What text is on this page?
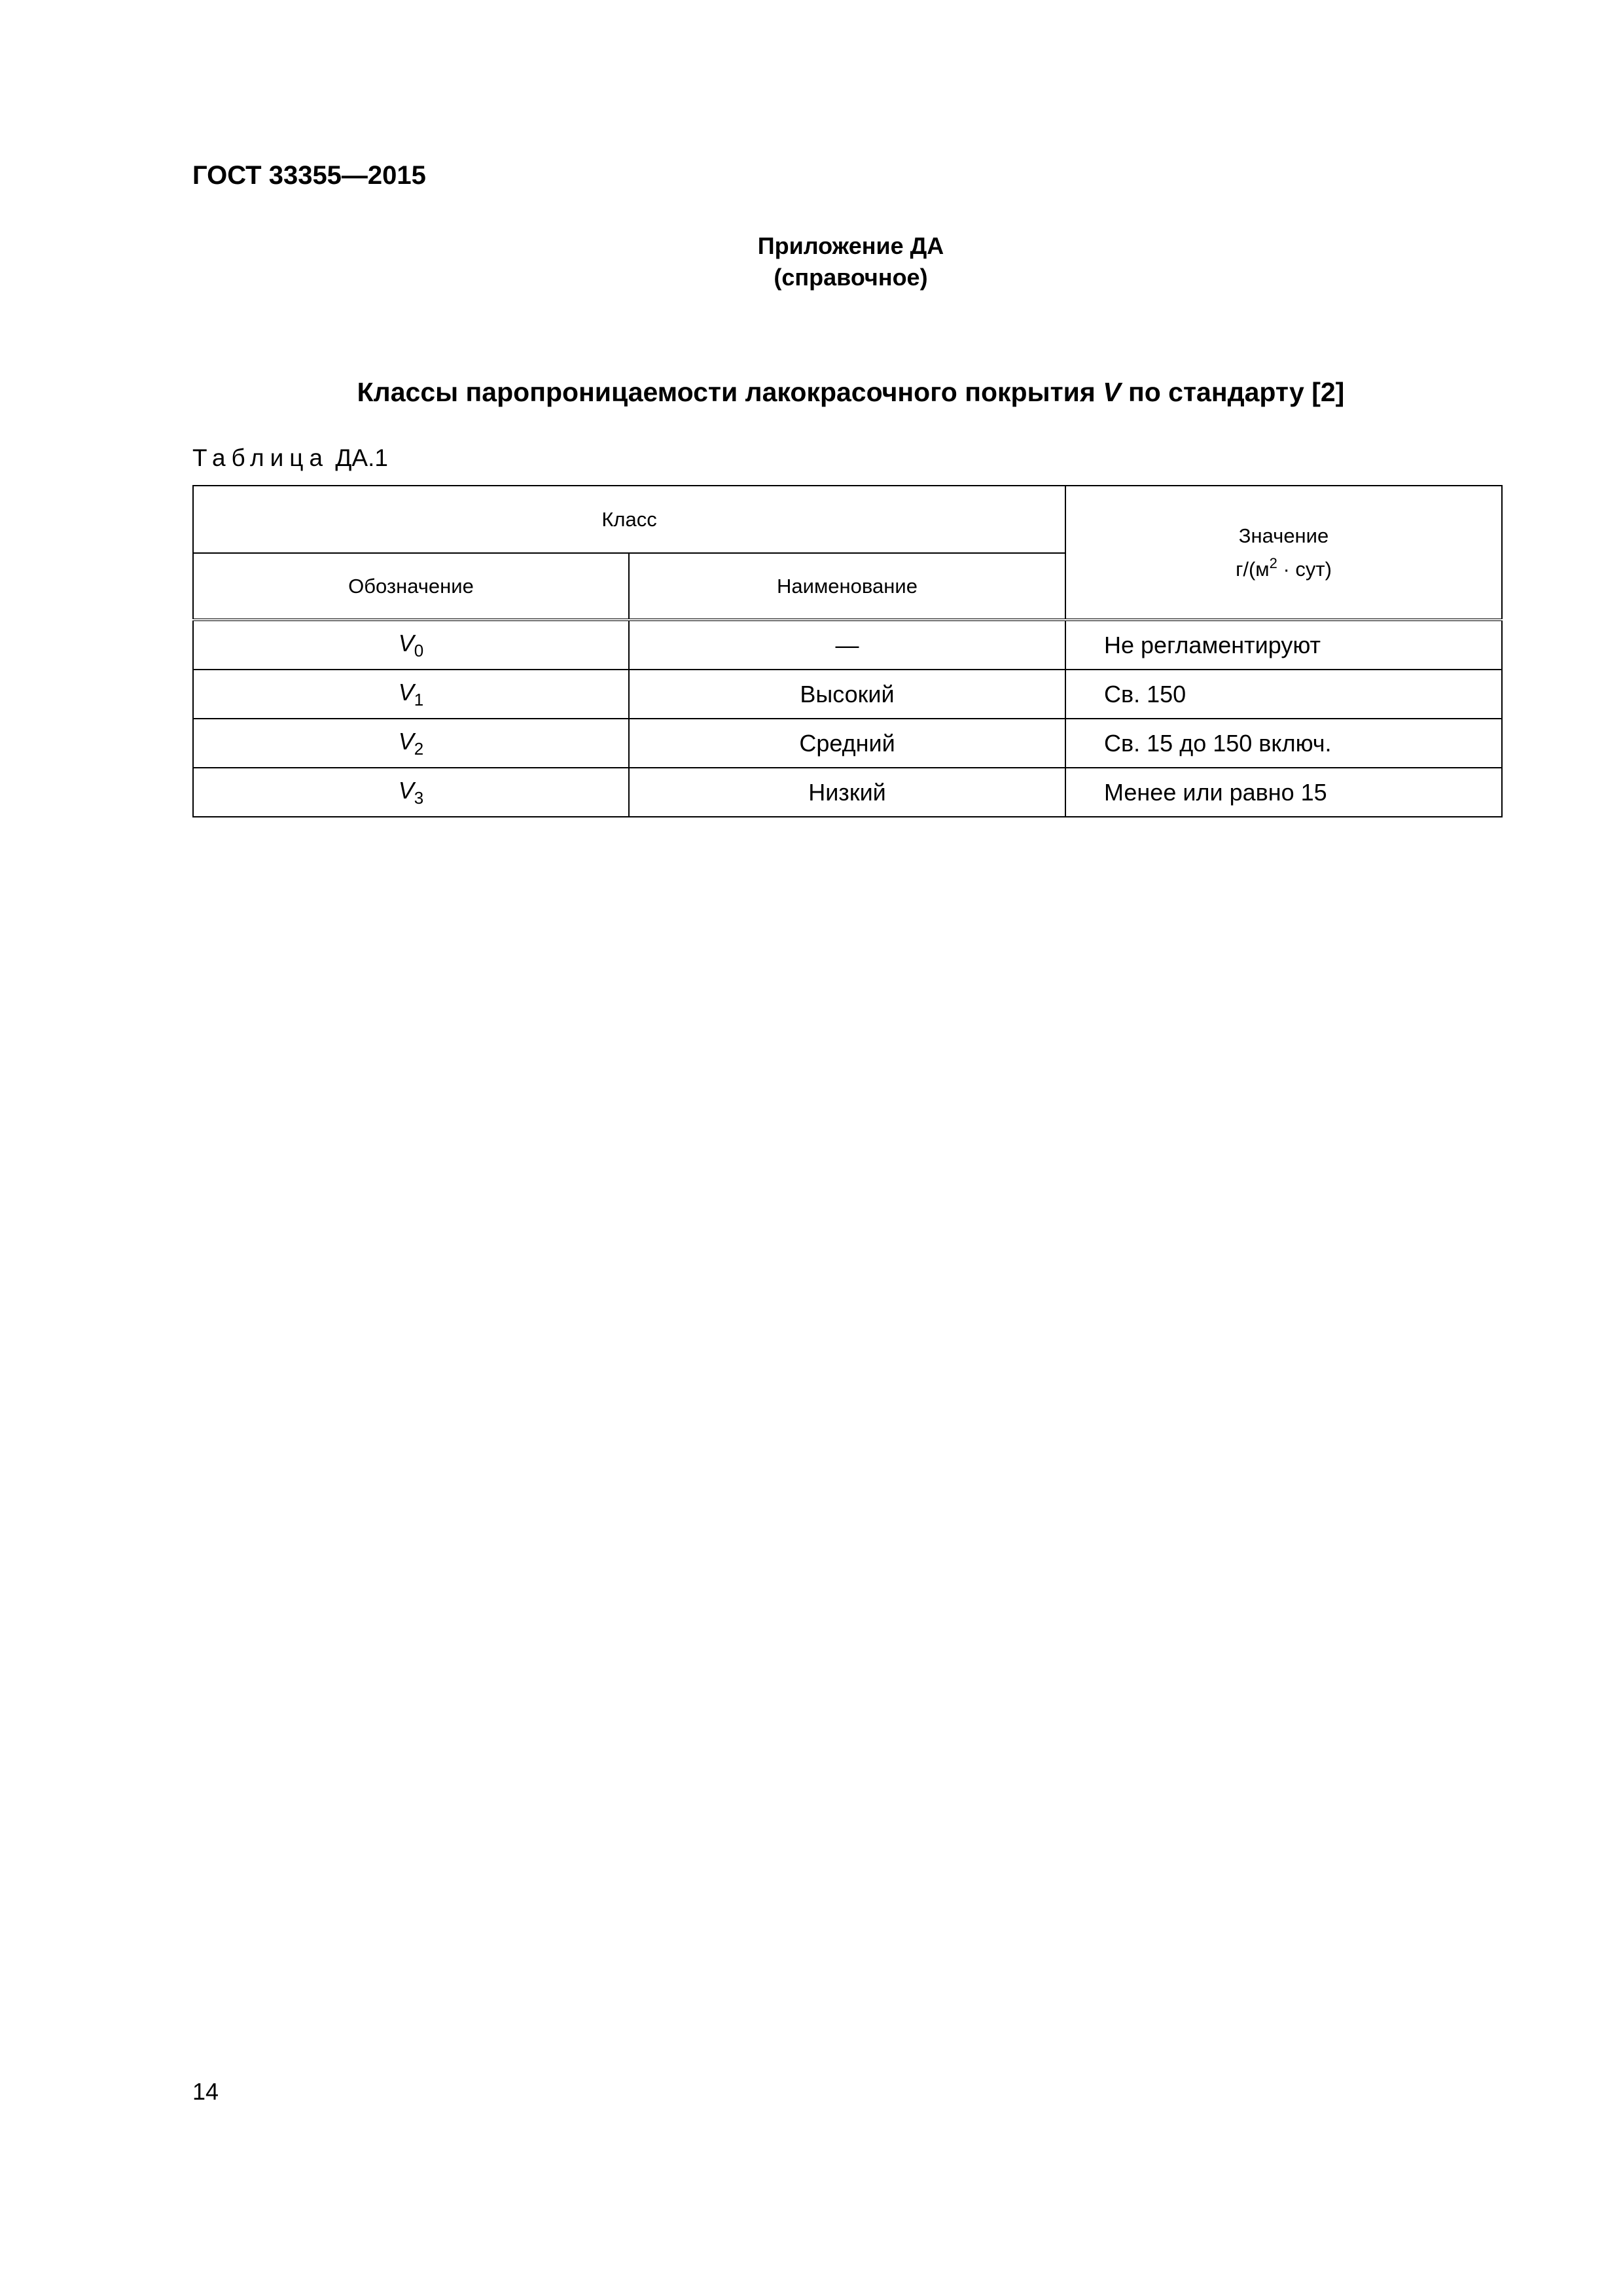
ГОСТ 33355—2015
Приложение ДА
(справочное)
Классы паропроницаемости лакокрасочного покрытия V по стандарту [2]
Таблица ДА.1
Класс		Значение
$г/(м^2 \cdot сут)$

Обозначение	Наименование	
$V_0$	—	Не регламентируют
$V_1$	Высокий	Св. 150
$V_2$	Средний	Св. 15 до 150 включ.
$V_3$	Низкий	Менее или равно 15
14
